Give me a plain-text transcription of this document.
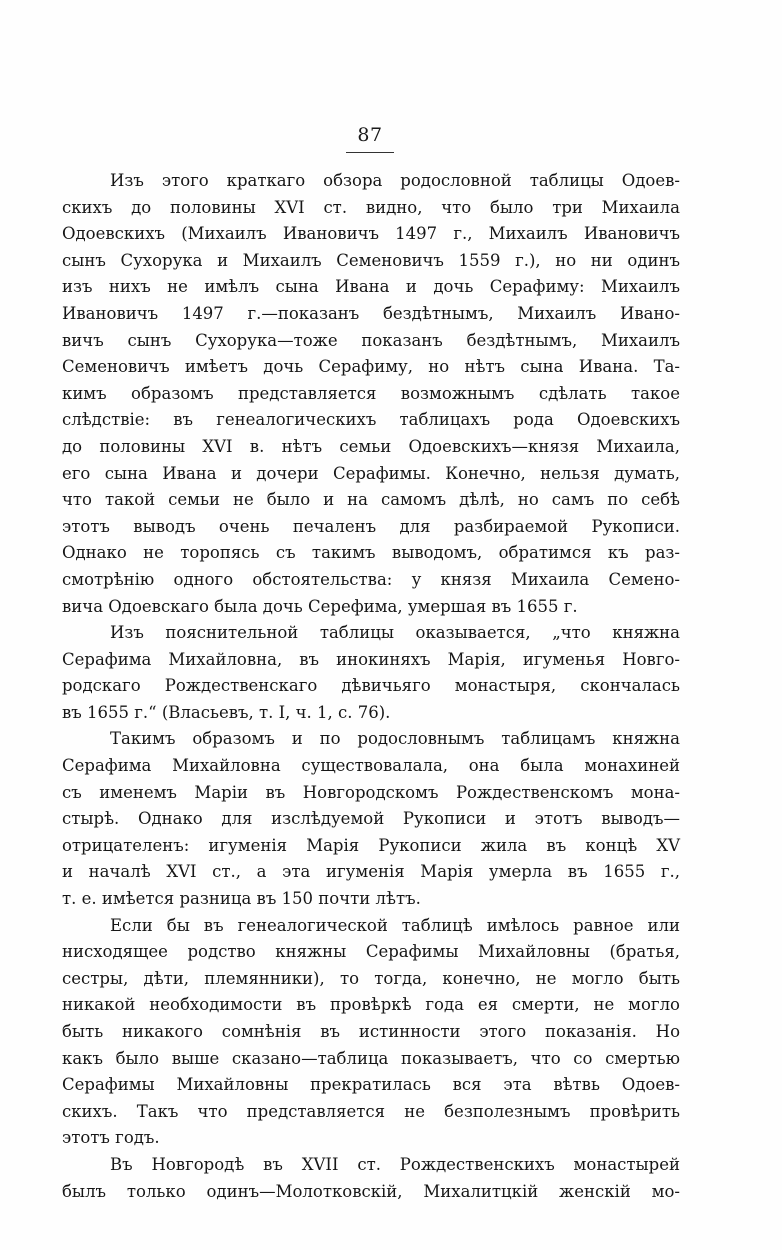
87
Изъ этого краткаго обзора родословной таблицы Одоев-
скихъ до половины XVI ст. видно, что было три Михаила
Одоевскихъ (Михаилъ Ивановичъ 1497 г., Михаилъ Ивановичъ
сынъ Сухорука и Михаилъ Семеновичъ 1559 г.), но ни одинъ
изъ нихъ не имѣлъ сына Ивана и дочь Серафиму: Михаилъ
Ивановичъ 1497 г.—показанъ бездѣтнымъ, Михаилъ Ивано-
вичъ сынъ Сухорука—тоже показанъ бездѣтнымъ, Михаилъ
Семеновичъ имѣетъ дочь Серафиму, но нѣтъ сына Ивана. Та-
кимъ образомъ представляется возможнымъ сдѣлать такое
слѣдствіе: въ генеалогическихъ таблицахъ рода Одоевскихъ
до половины XVI в. нѣтъ семьи Одоевскихъ—князя Михаила,
его сына Ивана и дочери Серафимы. Конечно, нельзя думать,
что такой семьи не было и на самомъ дѣлѣ, но самъ по себѣ
этотъ выводъ очень печаленъ для разбираемой Рукописи.
Однако не торопясь съ такимъ выводомъ, обратимся къ раз-
смотрѣнію одного обстоятельства: у князя Михаила Семено-
вича Одоевскаго была дочь Серефима, умершая въ 1655 г.
Изъ пояснительной таблицы оказывается, „что княжна
Серафима Михайловна, въ инокиняхъ Марія, игуменья Новго-
родскаго Рождественскаго дѣвичьяго монастыря, скончалась
въ 1655 г.“ (Власьевъ, т. I, ч. 1, с. 76).
Такимъ образомъ и по родословнымъ таблицамъ княжна
Серафима Михайловна существовалала, она была монахиней
съ именемъ Маріи въ Новгородскомъ Рождественскомъ мона-
стырѣ. Однако для изслѣдуемой Рукописи и этотъ выводъ—
отрицателенъ: игуменія Марія Рукописи жила въ концѣ XV
и началѣ XVI ст., а эта игуменія Марія умерла въ 1655 г.,
т. е. имѣется разница въ 150 почти лѣтъ.
Если бы въ генеалогической таблицѣ имѣлось равное или
нисходящее родство княжны Серафимы Михайловны (братья,
сестры, дѣти, племянники), то тогда, конечно, не могло быть
никакой необходимости въ провѣркѣ года ея смерти, не могло
быть никакого сомнѣнія въ истинности этого показанія. Но
какъ было выше сказано—таблица показываетъ, что со смертью
Серафимы Михайловны прекратилась вся эта вѣтвь Одоев-
скихъ. Такъ что представляется не безполезнымъ провѣрить
этотъ годъ.
Въ Новгородѣ въ XVII ст. Рождественскихъ монастырей
былъ только одинъ—Молотковскій, Михалитцкій женскій мо-
